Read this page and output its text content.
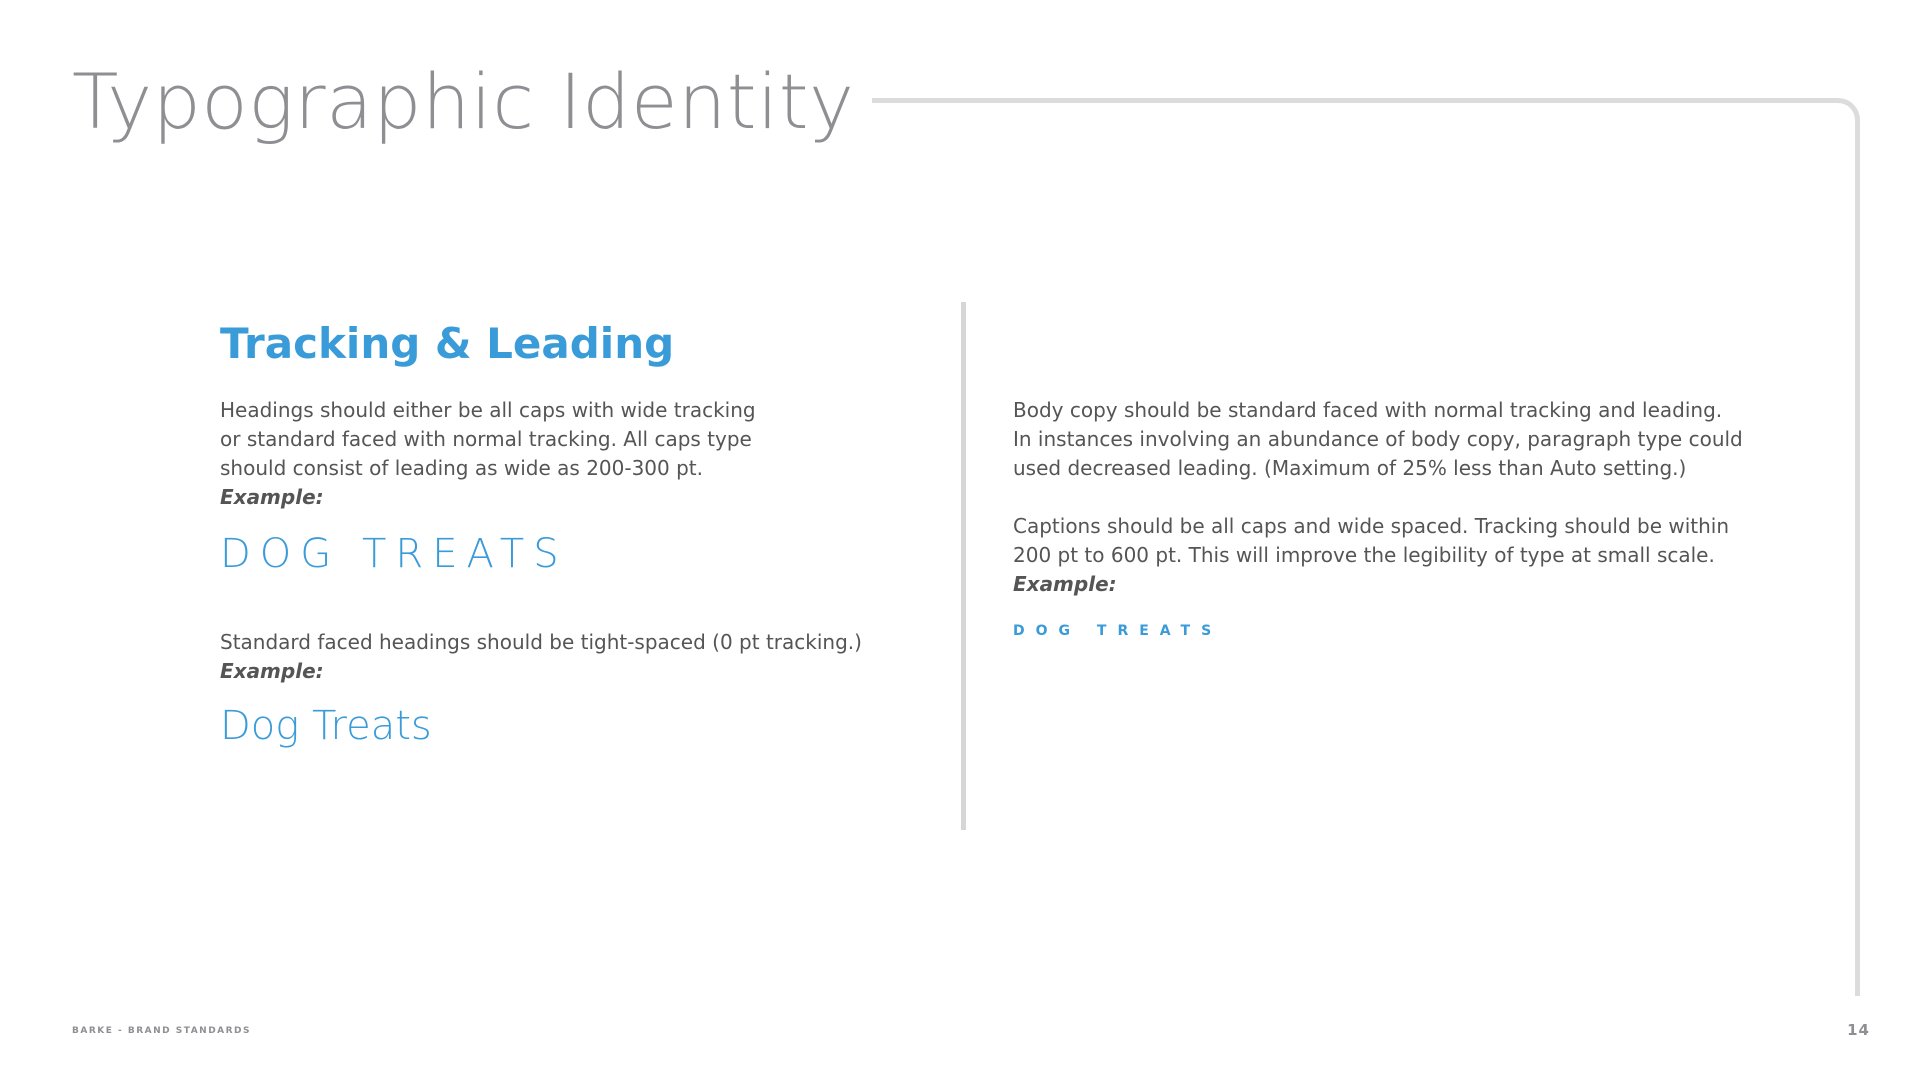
Typographic Identity
Tracking & Leading

Headings should either be all caps with wide tracking
or standard faced with normal tracking. All caps type
should consist of leading as wide as 200-300 pt.
Example:

DOG TREATS

Standard faced headings should be tight-spaced (0 pt tracking.)
Example:

Dog Treats

Body copy should be standard faced with normal tracking and leading.
In instances involving an abundance of body copy, paragraph type could
used decreased leading. (Maximum of 25% less than Auto setting.)

Captions should be all caps and wide spaced. Tracking should be within
200 pt to 600 pt. This will improve the legibility of type at small scale.
Example:

DOG TREATS
BARKE - BRAND STANDARDS	14
